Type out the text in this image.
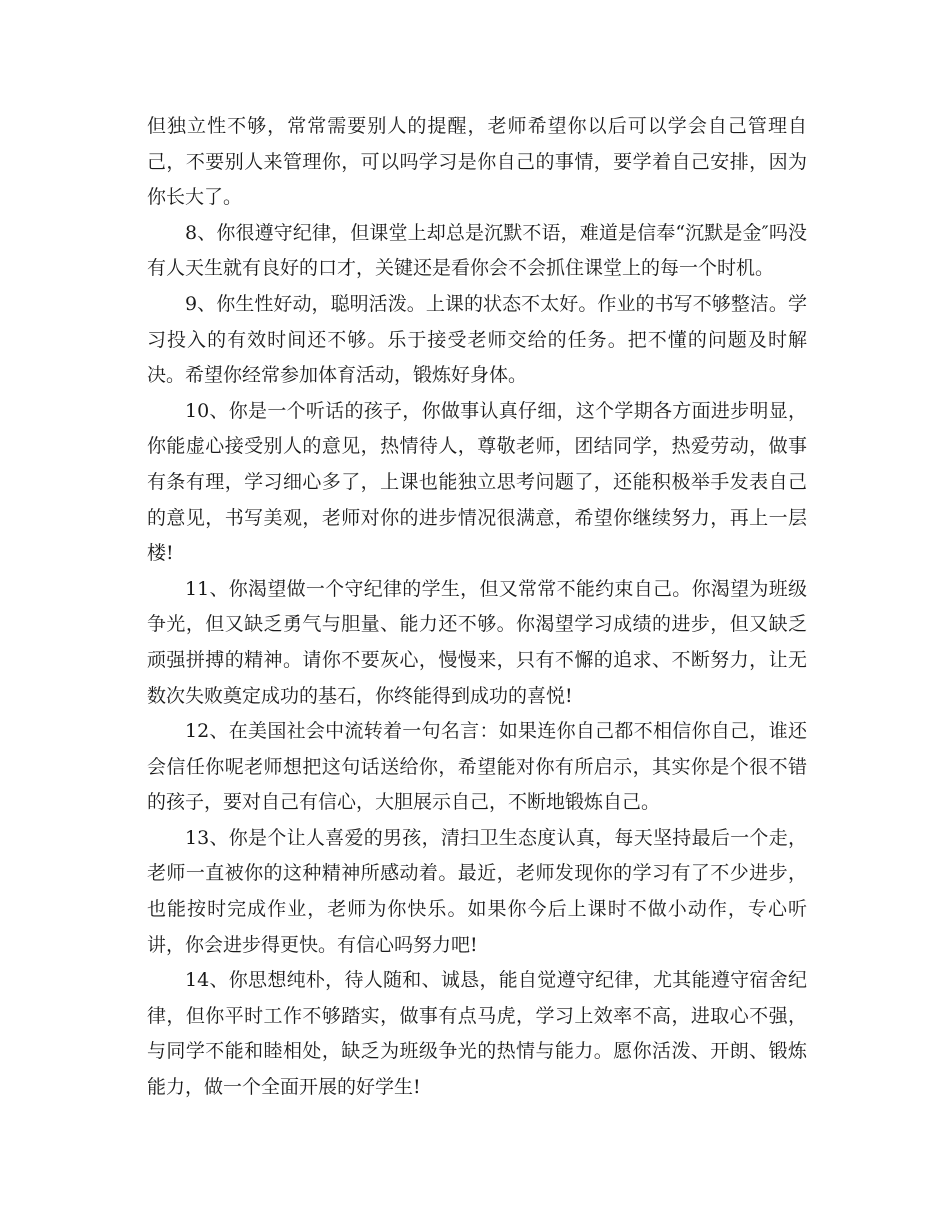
但独立性不够，常常需要别人的提醒，老师希望你以后可以学会自己管理自己，不要别人来管理你，可以吗学习是你自己的事情，要学着自己安排，因为你长大了。

8、你很遵守纪律，但课堂上却总是沉默不语，难道是信奉“沉默是金″吗没有人天生就有良好的口才，关键还是看你会不会抓住课堂上的每一个时机。

9、你生性好动，聪明活泼。上课的状态不太好。作业的书写不够整洁。学习投入的有效时间还不够。乐于接受老师交给的任务。把不懂的问题及时解决。希望你经常参加体育活动，锻炼好身体。

10、你是一个听话的孩子，你做事认真仔细，这个学期各方面进步明显，你能虚心接受别人的意见，热情待人，尊敬老师，团结同学，热爱劳动，做事有条有理，学习细心多了，上课也能独立思考问题了，还能积极举手发表自己的意见，书写美观，老师对你的进步情况很满意，希望你继续努力，再上一层楼!

11、你渴望做一个守纪律的学生，但又常常不能约束自己。你渴望为班级争光，但又缺乏勇气与胆量、能力还不够。你渴望学习成绩的进步，但又缺乏顽强拼搏的精神。请你不要灰心，慢慢来，只有不懈的追求、不断努力，让无数次失败奠定成功的基石，你终能得到成功的喜悦!

12、在美国社会中流转着一句名言：如果连你自己都不相信你自己，谁还会信任你呢老师想把这句话送给你，希望能对你有所启示，其实你是个很不错的孩子，要对自己有信心，大胆展示自己，不断地锻炼自己。

13、你是个让人喜爱的男孩，清扫卫生态度认真，每天坚持最后一个走，老师一直被你的这种精神所感动着。最近，老师发现你的学习有了不少进步，也能按时完成作业，老师为你快乐。如果你今后上课时不做小动作，专心听讲，你会进步得更快。有信心吗努力吧!

14、你思想纯朴，待人随和、诚恳，能自觉遵守纪律，尤其能遵守宿舍纪律，但你平时工作不够踏实，做事有点马虎，学习上效率不高，进取心不强，与同学不能和睦相处，缺乏为班级争光的热情与能力。愿你活泼、开朗、锻炼能力，做一个全面开展的好学生!
